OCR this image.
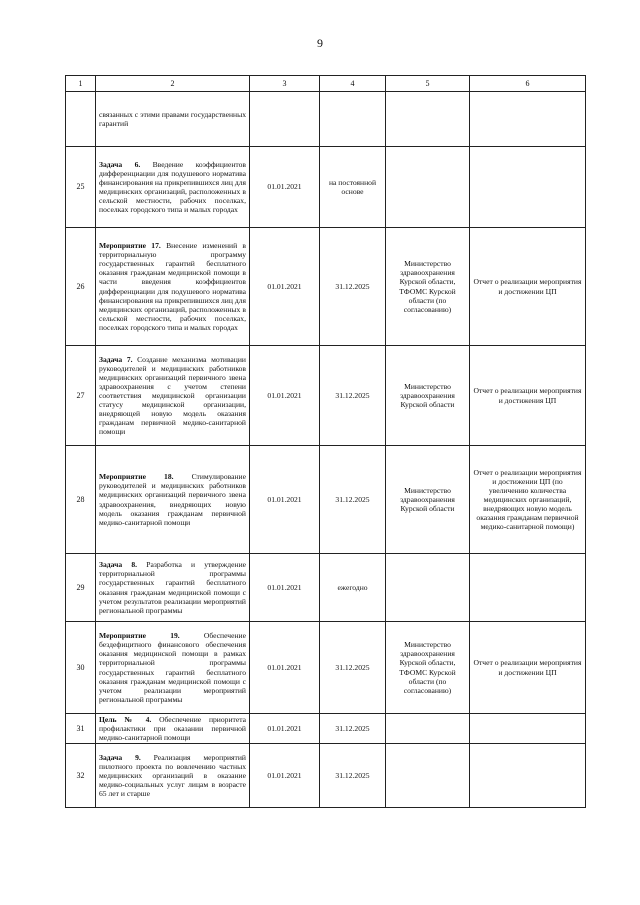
9
1	2	3	4	5	6
	связанных с этими правами государственных гарантий				
25	Задача 6. Введение коэффициентов дифференциации для подушевого норматива финансирования на прикрепившихся лиц для медицинских организаций, расположенных в сельской местности, рабочих поселках, поселках городского типа и малых городах	01.01.2021	на постоянной основе		
26	Мероприятие 17. Внесение изменений в территориальную программу государственных гарантий бесплатного оказания гражданам медицинской помощи в части введения коэффициентов дифференциации для подушевого норматива финансирования на прикрепившихся лиц для медицинских организаций, расположенных в сельской местности, рабочих поселках, поселках городского типа и малых городах	01.01.2021	31.12.2025	Министерство здравоохранения Курской области, ТФОМС Курской области (по согласованию)	Отчет о реализации мероприятия и достижении ЦП
27	Задача 7. Создание механизма мотивации руководителей и медицинских работников медицинских организаций первичного звена здравоохранения с учетом степени соответствия медицинской организации статусу медицинской организации, внедряющей новую модель оказания гражданам первичной медико-санитарной помощи	01.01.2021	31.12.2025	Министерство здравоохранения Курской области	Отчет о реализации мероприятия и достижения ЦП
28	Мероприятие 18. Стимулирование руководителей и медицинских работников медицинских организаций первичного звена здравоохранения, внедряющих новую модель оказания гражданам первичной медико-санитарной помощи	01.01.2021	31.12.2025	Министерство здравоохранения Курской области	Отчет о реализации мероприятия и достижении ЦП (по увеличению количества медицинских организаций, внедряющих новую модель оказания гражданам первичной медико-санитарной помощи)
29	Задача 8. Разработка и утверждение территориальной программы государственных гарантий бесплатного оказания гражданам медицинской помощи с учетом результатов реализации мероприятий региональной программы	01.01.2021	ежегодно		
30	Мероприятие 19. Обеспечение бездефицитного финансового обеспечения оказания медицинской помощи в рамках территориальной программы государственных гарантий бесплатного оказания гражданам медицинской помощи с учетом реализации мероприятий региональной программы	01.01.2021	31.12.2025	Министерство здравоохранения Курской области, ТФОМС Курской области (по согласованию)	Отчет о реализации мероприятия и достижении ЦП
31	Цель № 4. Обеспечение приоритета профилактики при оказании первичной медико-санитарной помощи	01.01.2021	31.12.2025		
32	Задача 9. Реализация мероприятий пилотного проекта по вовлечению частных медицинских организаций в оказание медико-социальных услуг лицам в возрасте 65 лет и старше	01.01.2021	31.12.2025		
